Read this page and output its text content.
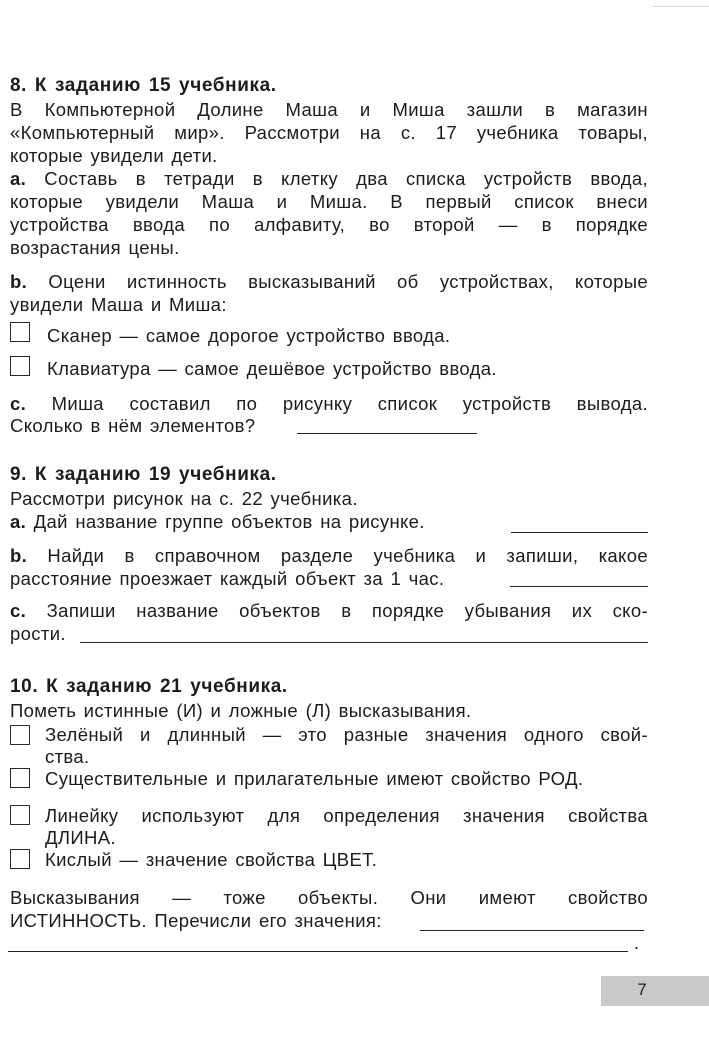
8. К заданию 15 учебника.
В Компьютерной Долине Маша и Миша зашли в магазин
«Компьютерный мир». Рассмотри на с. 17 учебника товары,
которые увидели дети.
a. Составь в тетради в клетку два списка устройств ввода,
которые увидели Маша и Миша. В первый список внеси
устройства ввода по алфавиту, во второй — в порядке
возрастания цены.
b. Оцени истинность высказываний об устройствах, которые
увидели Маша и Миша:
Сканер — самое дорогое устройство ввода.
Клавиатура — самое дешёвое устройство ввода.
c. Миша составил по рисунку список устройств вывода.
Сколько в нём элементов?
9. К заданию 19 учебника.
Рассмотри рисунок на с. 22 учебника.
a. Дай название группе объектов на рисунке.
b. Найди в справочном разделе учебника и запиши, какое
расстояние проезжает каждый объект за 1 час.
c. Запиши название объектов в порядке убывания их ско-
рости.
10. К заданию 21 учебника.
Пометь истинные (И) и ложные (Л) высказывания.
Зелёный и длинный — это разные значения одного свой-
ства.
Существительные и прилагательные имеют свойство РОД.
Линейку используют для определения значения свойства
ДЛИНА.
Кислый — значение свойства ЦВЕТ.
Высказывания — тоже объекты. Они имеют свойство
ИСТИННОСТЬ. Перечисли его значения:
.
7
